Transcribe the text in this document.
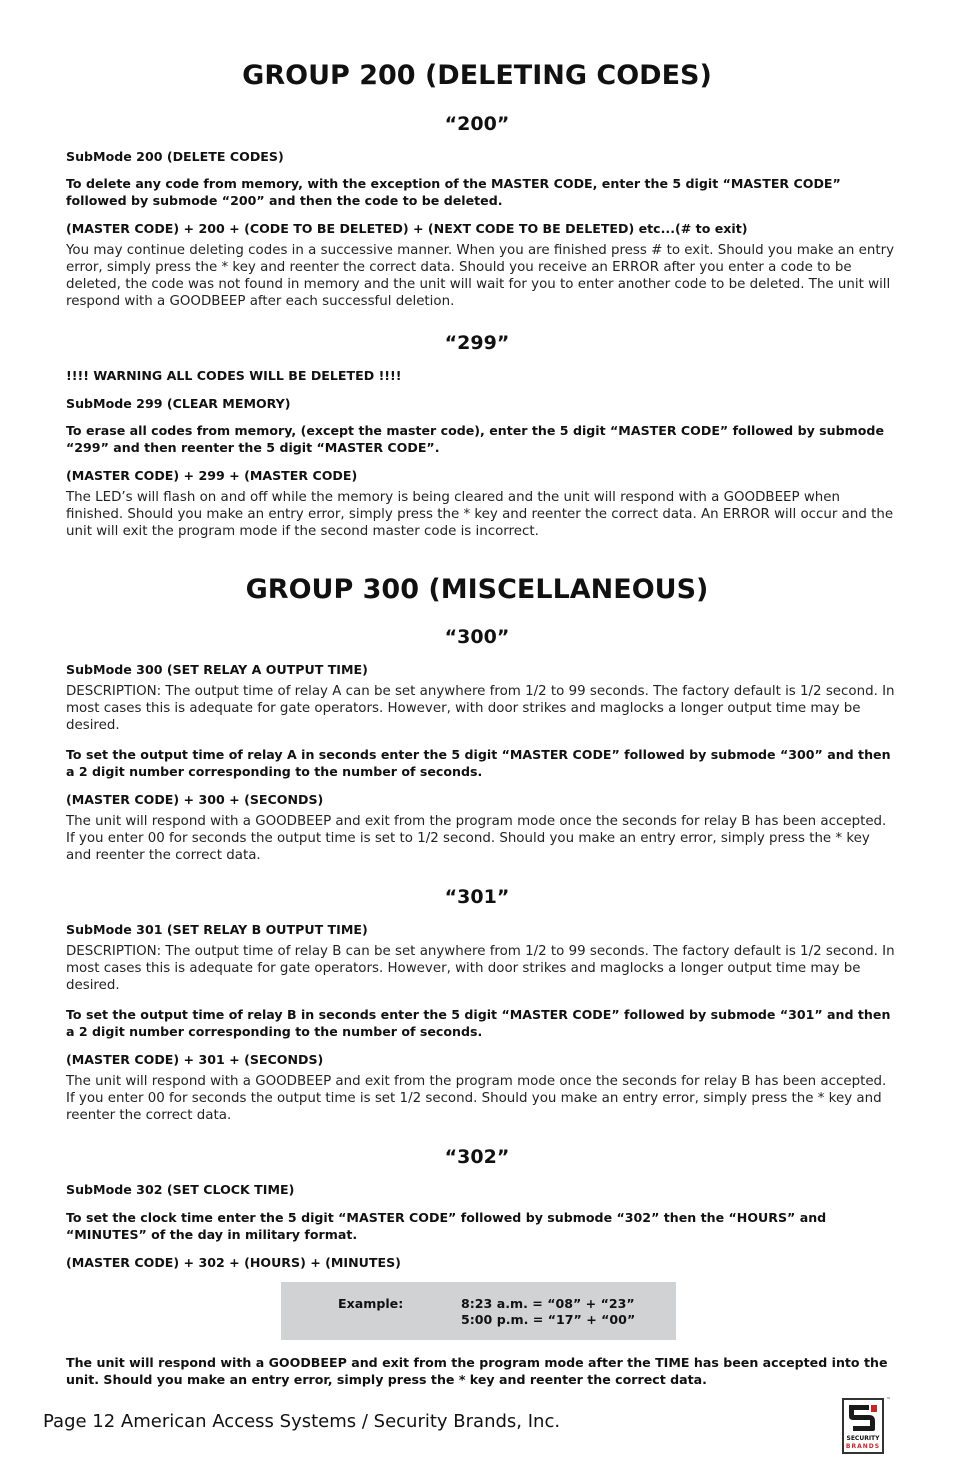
GROUP 200 (DELETING CODES)
“200”

SubMode 200 (DELETE CODES)

To delete any code from memory, with the exception of the MASTER CODE, enter the 5 digit “MASTER CODE” followed by submode “200” and then the code to be deleted.

(MASTER CODE) + 200 + (CODE TO BE DELETED) + (NEXT CODE TO BE DELETED) etc...(# to exit)

You may continue deleting codes in a successive manner. When you are finished press # to exit. Should you make an entry error, simply press the * key and reenter the correct data. Should you receive an ERROR after you enter a code to be deleted, the code was not found in memory and the unit will wait for you to enter another code to be deleted. The unit will respond with a GOODBEEP after each successful deletion.

“299”

!!!! WARNING ALL CODES WILL BE DELETED !!!!

SubMode 299 (CLEAR MEMORY)

To erase all codes from memory, (except the master code), enter the 5 digit “MASTER CODE” followed by submode “299” and then reenter the 5 digit “MASTER CODE”.

(MASTER CODE) + 299 + (MASTER CODE)

The LED’s will flash on and off while the memory is being cleared and the unit will respond with a GOODBEEP when finished. Should you make an entry error, simply press the * key and reenter the correct data. An ERROR will occur and the unit will exit the program mode if the second master code is incorrect.

GROUP 300 (MISCELLANEOUS)
“300”

SubMode 300 (SET RELAY A OUTPUT TIME)

DESCRIPTION: The output time of relay A can be set anywhere from 1/2 to 99 seconds. The factory default is 1/2 second. In most cases this is adequate for gate operators. However, with door strikes and maglocks a longer output time may be desired.

To set the output time of relay A in seconds enter the 5 digit “MASTER CODE” followed by submode “300” and then a 2 digit number corresponding to the number of seconds.

(MASTER CODE) + 300 + (SECONDS)

The unit will respond with a GOODBEEP and exit from the program mode once the seconds for relay B has been accepted. If you enter 00 for seconds the output time is set to 1/2 second. Should you make an entry error, simply press the * key and reenter the correct data.

“301”

SubMode 301 (SET RELAY B OUTPUT TIME)

DESCRIPTION: The output time of relay B can be set anywhere from 1/2 to 99 seconds. The factory default is 1/2 second. In most cases this is adequate for gate operators. However, with door strikes and maglocks a longer output time may be desired.

To set the output time of relay B in seconds enter the 5 digit “MASTER CODE” followed by submode “301” and then a 2 digit number corresponding to the number of seconds.

(MASTER CODE) + 301 + (SECONDS)

The unit will respond with a GOODBEEP and exit from the program mode once the seconds for relay B has been accepted. If you enter 00 for seconds the output time is set 1/2 second. Should you make an entry error, simply press the * key and reenter the correct data.

“302”

SubMode 302 (SET CLOCK TIME)

To set the clock time enter the 5 digit “MASTER CODE” followed by submode “302” then the “HOURS” and “MINUTES” of the day in military format.

(MASTER CODE) + 302 + (HOURS) + (MINUTES)

Example:	8:23 a.m. = “08” + “23”
5:00 p.m. = “17” + “00”

The unit will respond with a GOODBEEP and exit from the program mode after the TIME has been accepted into the unit. Should you make an entry error, simply press the * key and reenter the correct data.

Page 12 American Access Systems / Security Brands, Inc.
SECURITY
BRANDS
™
